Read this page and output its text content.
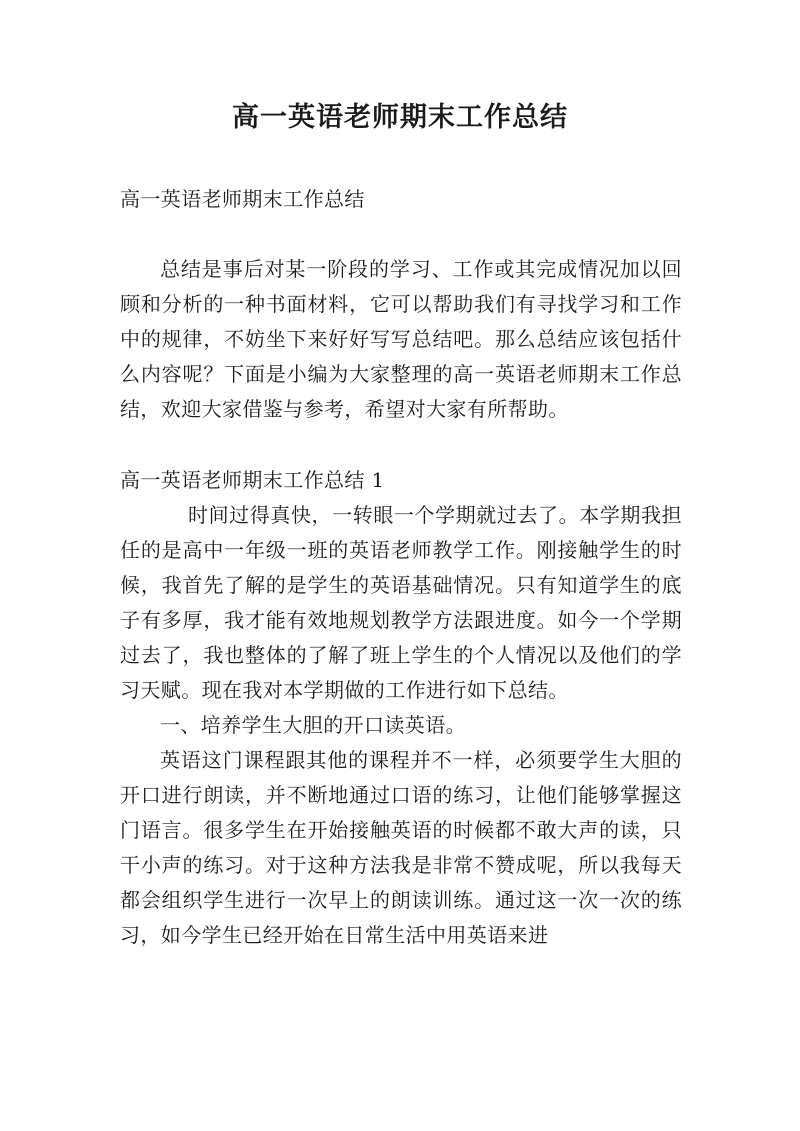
高一英语老师期末工作总结

高一英语老师期末工作总结

总结是事后对某一阶段的学习、工作或其完成情况加以回顾和分析的一种书面材料，它可以帮助我们有寻找学习和工作中的规律，不妨坐下来好好写写总结吧。那么总结应该包括什么内容呢？下面是小编为大家整理的高一英语老师期末工作总结，欢迎大家借鉴与参考，希望对大家有所帮助。

高一英语老师期末工作总结 1

时间过得真快，一转眼一个学期就过去了。本学期我担任的是高中一年级一班的英语老师教学工作。刚接触学生的时候，我首先了解的是学生的英语基础情况。只有知道学生的底子有多厚，我才能有效地规划教学方法跟进度。如今一个学期过去了，我也整体的了解了班上学生的个人情况以及他们的学习天赋。现在我对本学期做的工作进行如下总结。

一、培养学生大胆的开口读英语。

英语这门课程跟其他的课程并不一样，必须要学生大胆的开口进行朗读，并不断地通过口语的练习，让他们能够掌握这门语言。很多学生在开始接触英语的时候都不敢大声的读，只干小声的练习。对于这种方法我是非常不赞成呢，所以我每天都会组织学生进行一次早上的朗读训练。通过这一次一次的练习，如今学生已经开始在日常生活中用英语来进
